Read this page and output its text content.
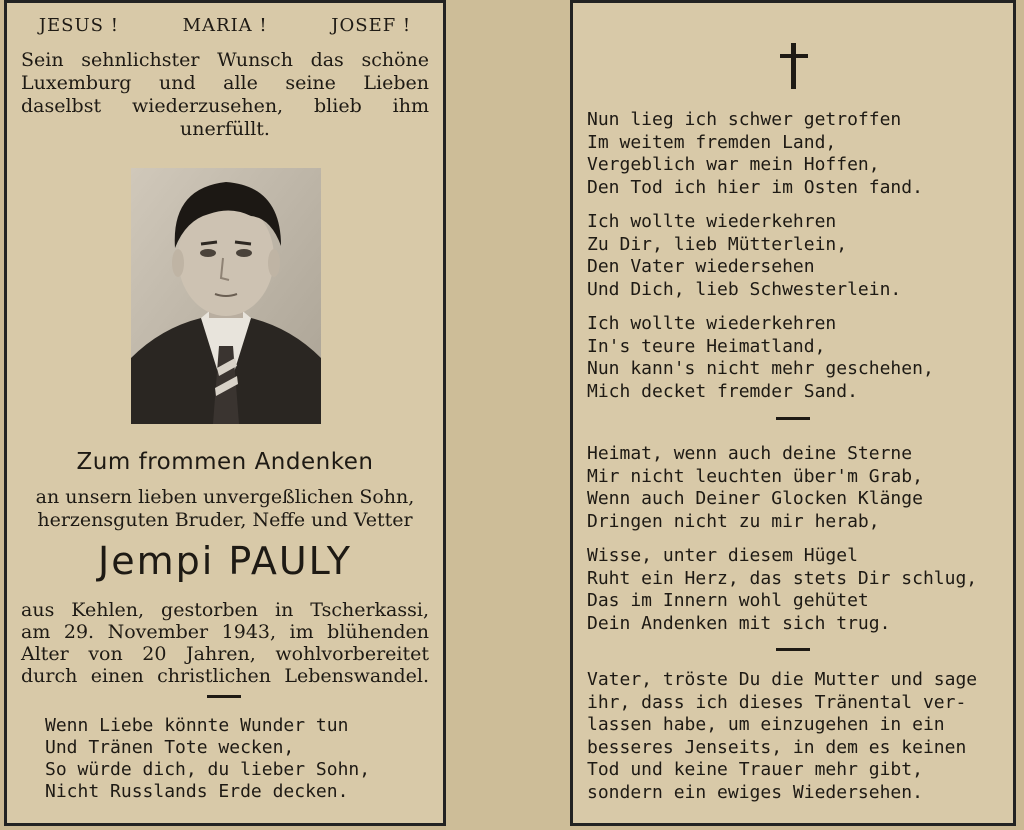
JESUS !	MARIA !	JOSEF !
Sein sehnlichster Wunsch das schöne Luxemburg und alle seine Lieben daselbst wiederzusehen, blieb ihm unerfüllt.
Zum frommen Andenken
an unsern lieben unvergeßlichen Sohn,
herzensguten Bruder, Neffe und Vetter
Jempi PAULY
aus Kehlen, gestorben in Tscherkassi,
am 29. November 1943, im blühenden
Alter von 20 Jahren, wohlvorbereitet
durch einen christlichen Lebenswandel.
Wenn Liebe könnte Wunder tun
Und Tränen Tote wecken,
So würde dich, du lieber Sohn,
Nicht Russlands Erde decken.
Nun lieg ich schwer getroffen
Im weitem fremden Land,
Vergeblich war mein Hoffen,
Den Tod ich hier im Osten fand.
Ich wollte wiederkehren
Zu Dir, lieb Mütterlein,
Den Vater wiedersehen
Und Dich, lieb Schwesterlein.
Ich wollte wiederkehren
In's teure Heimatland,
Nun kann's nicht mehr geschehen,
Mich decket fremder Sand.
Heimat, wenn auch deine Sterne
Mir nicht leuchten über'm Grab,
Wenn auch Deiner Glocken Klänge
Dringen nicht zu mir herab,
Wisse, unter diesem Hügel
Ruht ein Herz, das stets Dir schlug,
Das im Innern wohl gehütet
Dein Andenken mit sich trug.
Vater, tröste Du die Mutter und sage
ihr, dass ich dieses Tränental ver-
lassen habe, um einzugehen in ein
besseres Jenseits, in dem es keinen
Tod und keine Trauer mehr gibt,
sondern ein ewiges Wiedersehen.
